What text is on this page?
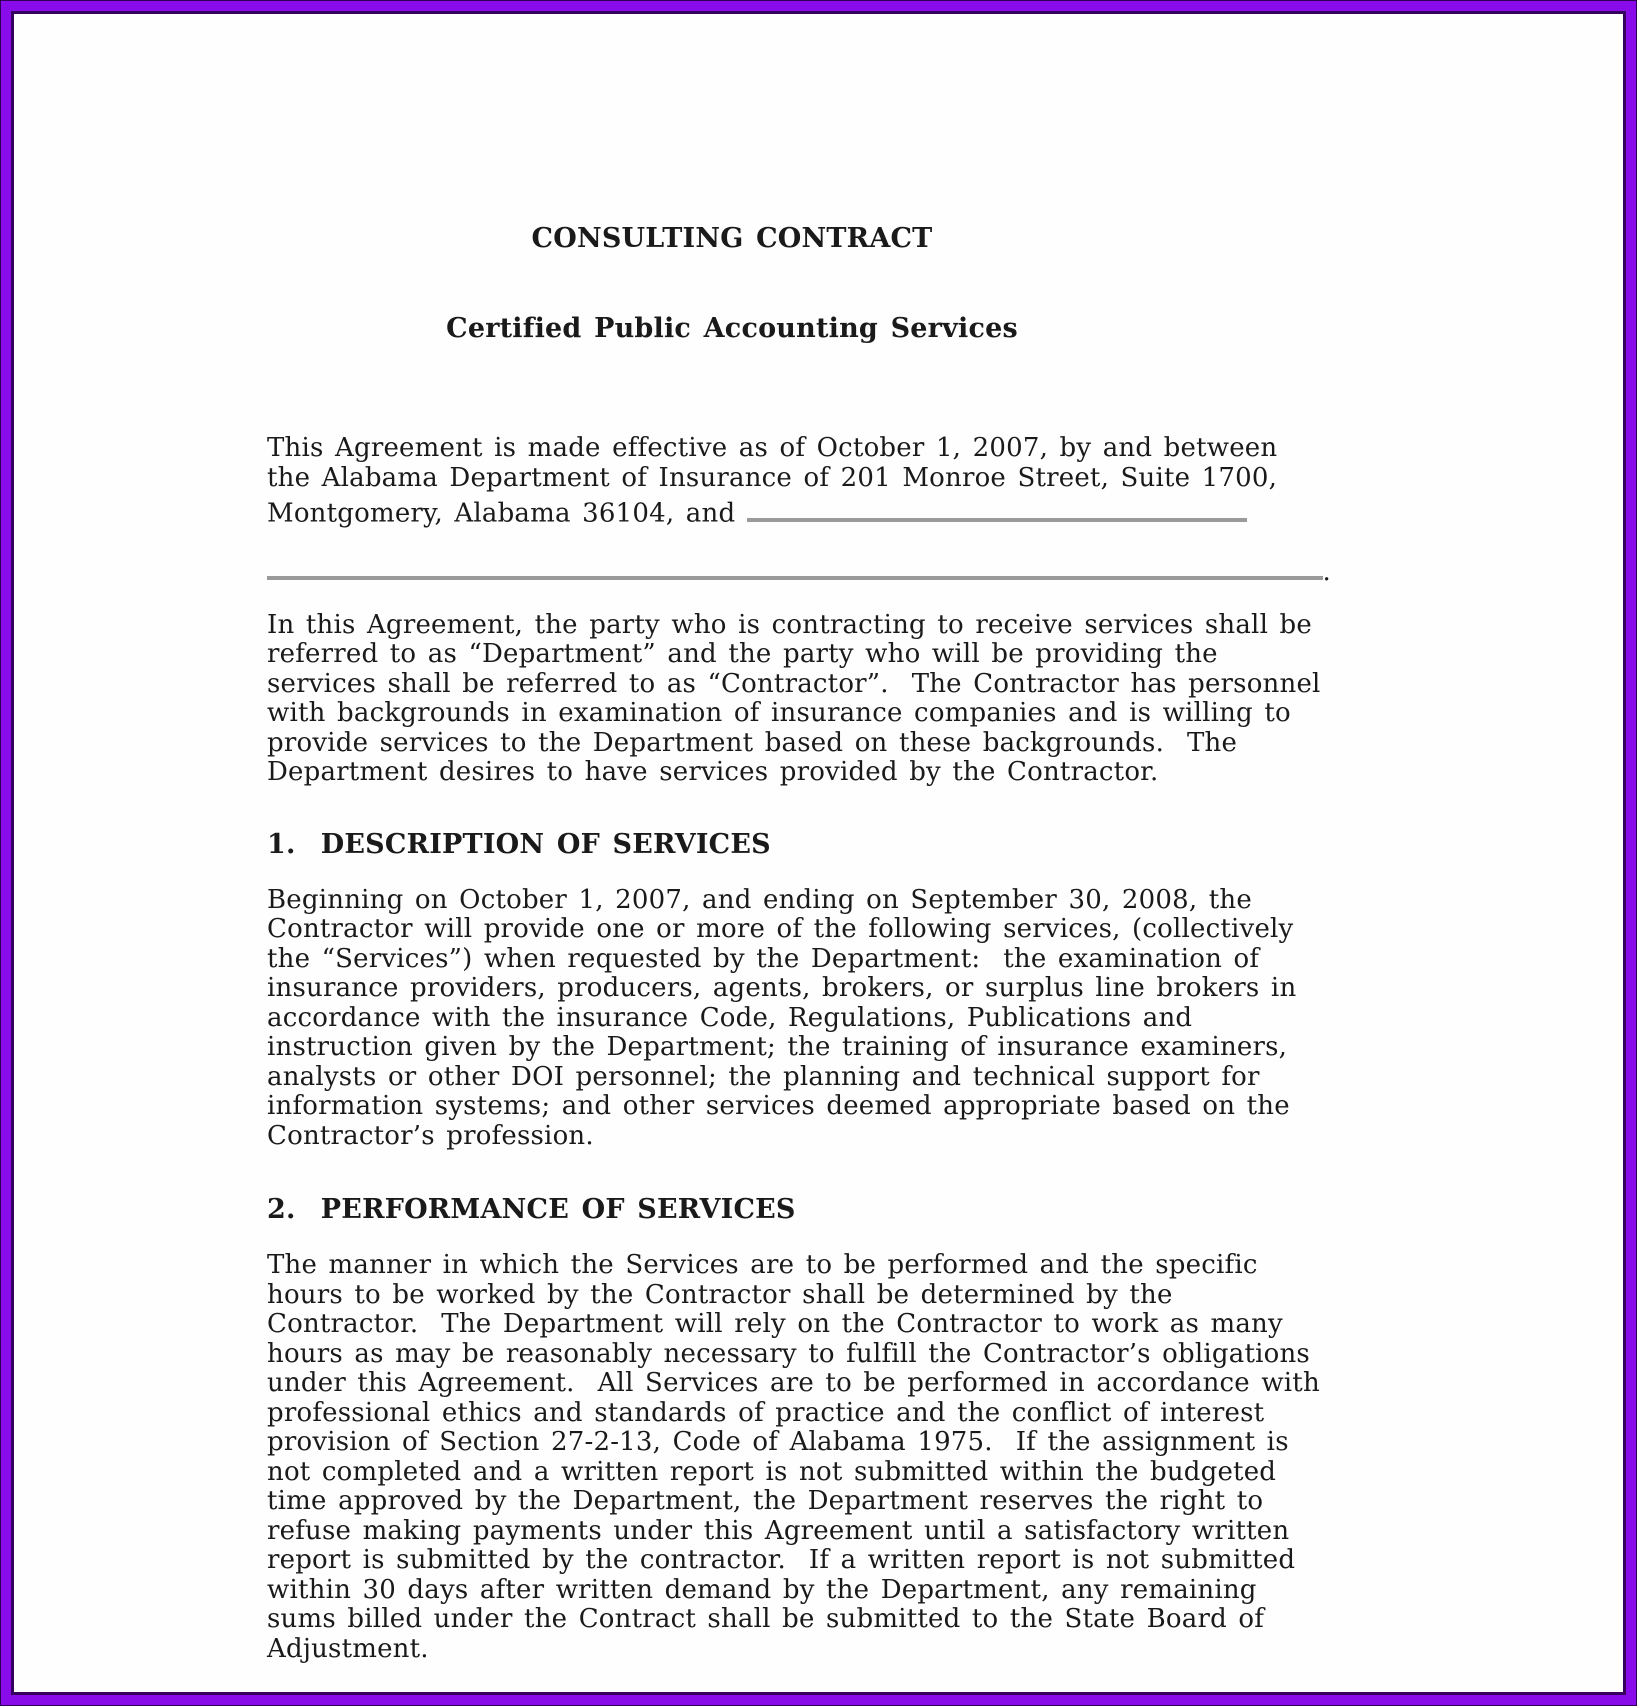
CONSULTING CONTRACT

Certified Public Accounting Services

This Agreement is made effective as of October 1, 2007, by and between the Alabama Department of Insurance of 201 Monroe Street, Suite 1700, Montgomery, Alabama 36104, and
.
In this Agreement, the party who is contracting to receive services shall be referred to as “Department” and the party who will be providing the services shall be referred to as “Contractor”.  The Contractor has personnel with backgrounds in examination of insurance companies and is willing to provide services to the Department based on these backgrounds.  The Department desires to have services provided by the Contractor.
1.  DESCRIPTION OF SERVICES
Beginning on October 1, 2007, and ending on September 30, 2008, the Contractor will provide one or more of the following services, (collectively the “Services”) when requested by the Department:  the examination of insurance providers, producers, agents, brokers, or surplus line brokers in accordance with the insurance Code, Regulations, Publications and instruction given by the Department; the training of insurance examiners, analysts or other DOI personnel; the planning and technical support for information systems; and other services deemed appropriate based on the Contractor’s profession.
2.  PERFORMANCE OF SERVICES
The manner in which the Services are to be performed and the specific hours to be worked by the Contractor shall be determined by the Contractor.  The Department will rely on the Contractor to work as many hours as may be reasonably necessary to fulfill the Contractor’s obligations under this Agreement.  All Services are to be performed in accordance with professional ethics and standards of practice and the conflict of interest provision of Section 27-2-13, Code of Alabama 1975.  If the assignment is not completed and a written report is not submitted within the budgeted time approved by the Department, the Department reserves the right to refuse making payments under this Agreement until a satisfactory written report is submitted by the contractor.  If a written report is not submitted within 30 days after written demand by the Department, any remaining sums billed under the Contract shall be submitted to the State Board of Adjustment.
